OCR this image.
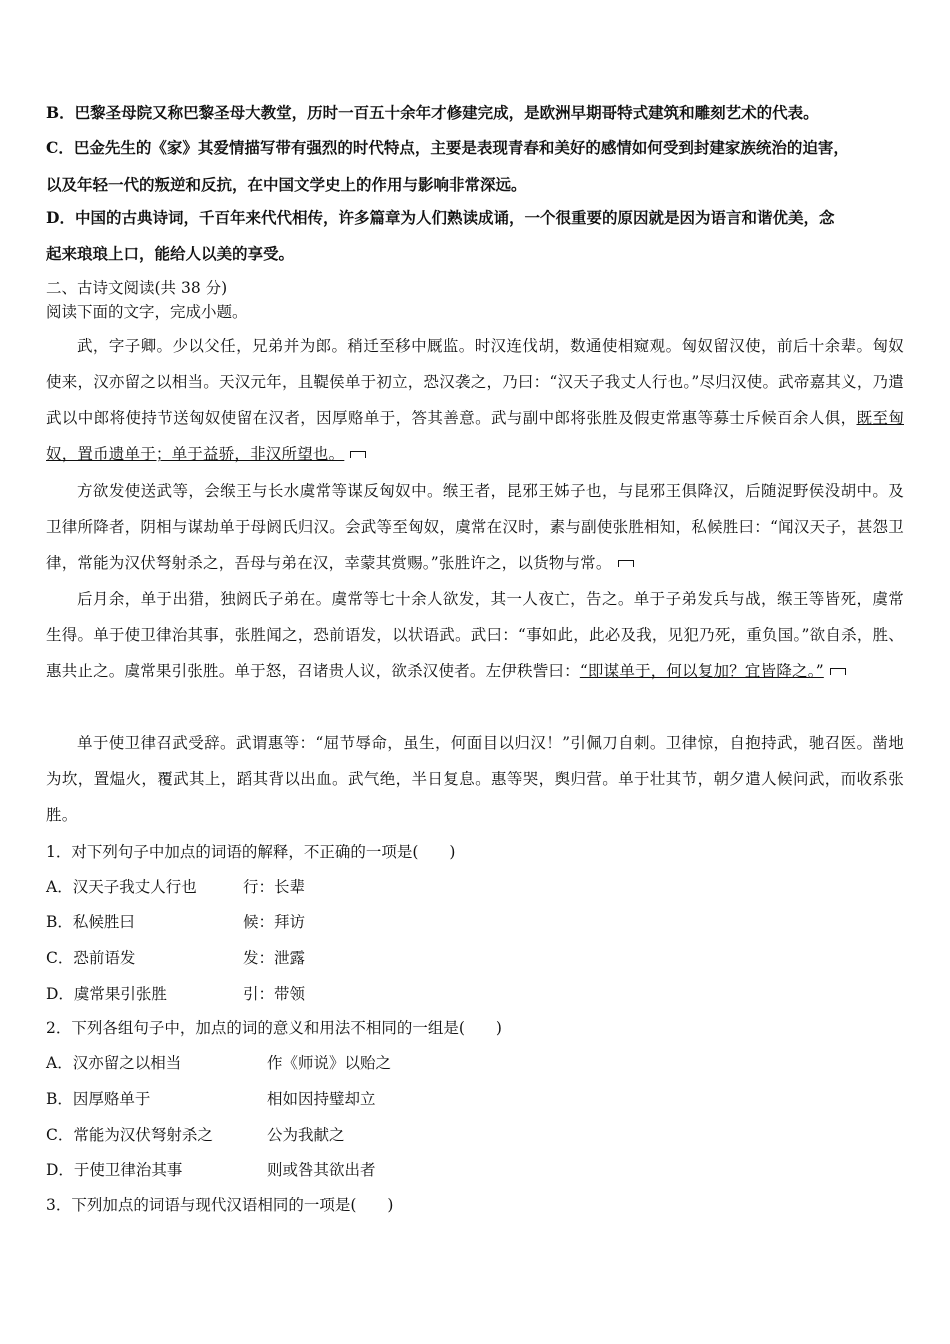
B．巴黎圣母院又称巴黎圣母大教堂，历时一百五十余年才修建完成，是欧洲早期哥特式建筑和雕刻艺术的代表。
C．巴金先生的《家》其爱情描写带有强烈的时代特点，主要是表现青春和美好的感情如何受到封建家族统治的迫害，
以及年轻一代的叛逆和反抗，在中国文学史上的作用与影响非常深远。
D．中国的古典诗词，千百年来代代相传，许多篇章为人们熟读成诵，一个很重要的原因就是因为语言和谐优美，念
起来琅琅上口，能给人以美的享受。
二、古诗文阅读(共 38 分)
阅读下面的文字，完成小题。
武，字子卿。少以父任，兄弟并为郎。稍迁至移中厩监。时汉连伐胡，数通使相窥观。匈奴留汉使，前后十余辈。匈奴使来，汉亦留之以相当。天汉元年，且鞮侯单于初立，恐汉袭之，乃曰：“汉天子我丈人行也。”尽归汉使。武帝嘉其义，乃遣武以中郎将使持节送匈奴使留在汉者，因厚赂单于，答其善意。武与副中郎将张胜及假吏常惠等募士斥候百余人俱，既至匈奴，置币遗单于；单于益骄，非汉所望也。
方欲发使送武等，会缑王与长水虞常等谋反匈奴中。缑王者，昆邪王姊子也，与昆邪王俱降汉，后随浞野侯没胡中。及卫律所降者，阴相与谋劫单于母阏氏归汉。会武等至匈奴，虞常在汉时，素与副使张胜相知，私候胜曰：“闻汉天子，甚怨卫律，常能为汉伏弩射杀之，吾母与弟在汉，幸蒙其赏赐。”张胜许之，以货物与常。
后月余，单于出猎，独阏氏子弟在。虞常等七十余人欲发，其一人夜亡，告之。单于子弟发兵与战，缑王等皆死，虞常生得。单于使卫律治其事，张胜闻之，恐前语发，以状语武。武曰：“事如此，此必及我，见犯乃死，重负国。”欲自杀，胜、惠共止之。虞常果引张胜。单于怒，召诸贵人议，欲杀汉使者。左伊秩訾曰：“即谋单于，何以复加？宜皆降之。”
单于使卫律召武受辞。武谓惠等：“屈节辱命，虽生，何面目以归汉！”引佩刀自刺。卫律惊，自抱持武，驰召医。凿地为坎，置煴火，覆武其上，蹈其背以出血。武气绝，半日复息。惠等哭，舆归营。单于壮其节，朝夕遣人候问武，而收系张胜。
1．对下列句子中加点的词语的解释，不正确的一项是(　　)
A．汉天子我丈人行也	行：长辈
B．私候胜曰	候：拜访
C．恐前语发	发：泄露
D．虞常果引张胜	引：带领
2．下列各组句子中，加点的词的意义和用法不相同的一组是(　　)
A．汉亦留之以相当	作《师说》以贻之
B．因厚赂单于	相如因持璧却立
C．常能为汉伏弩射杀之	公为我献之
D．于使卫律治其事	则或咎其欲出者
3．下列加点的词语与现代汉语相同的一项是(　　)
